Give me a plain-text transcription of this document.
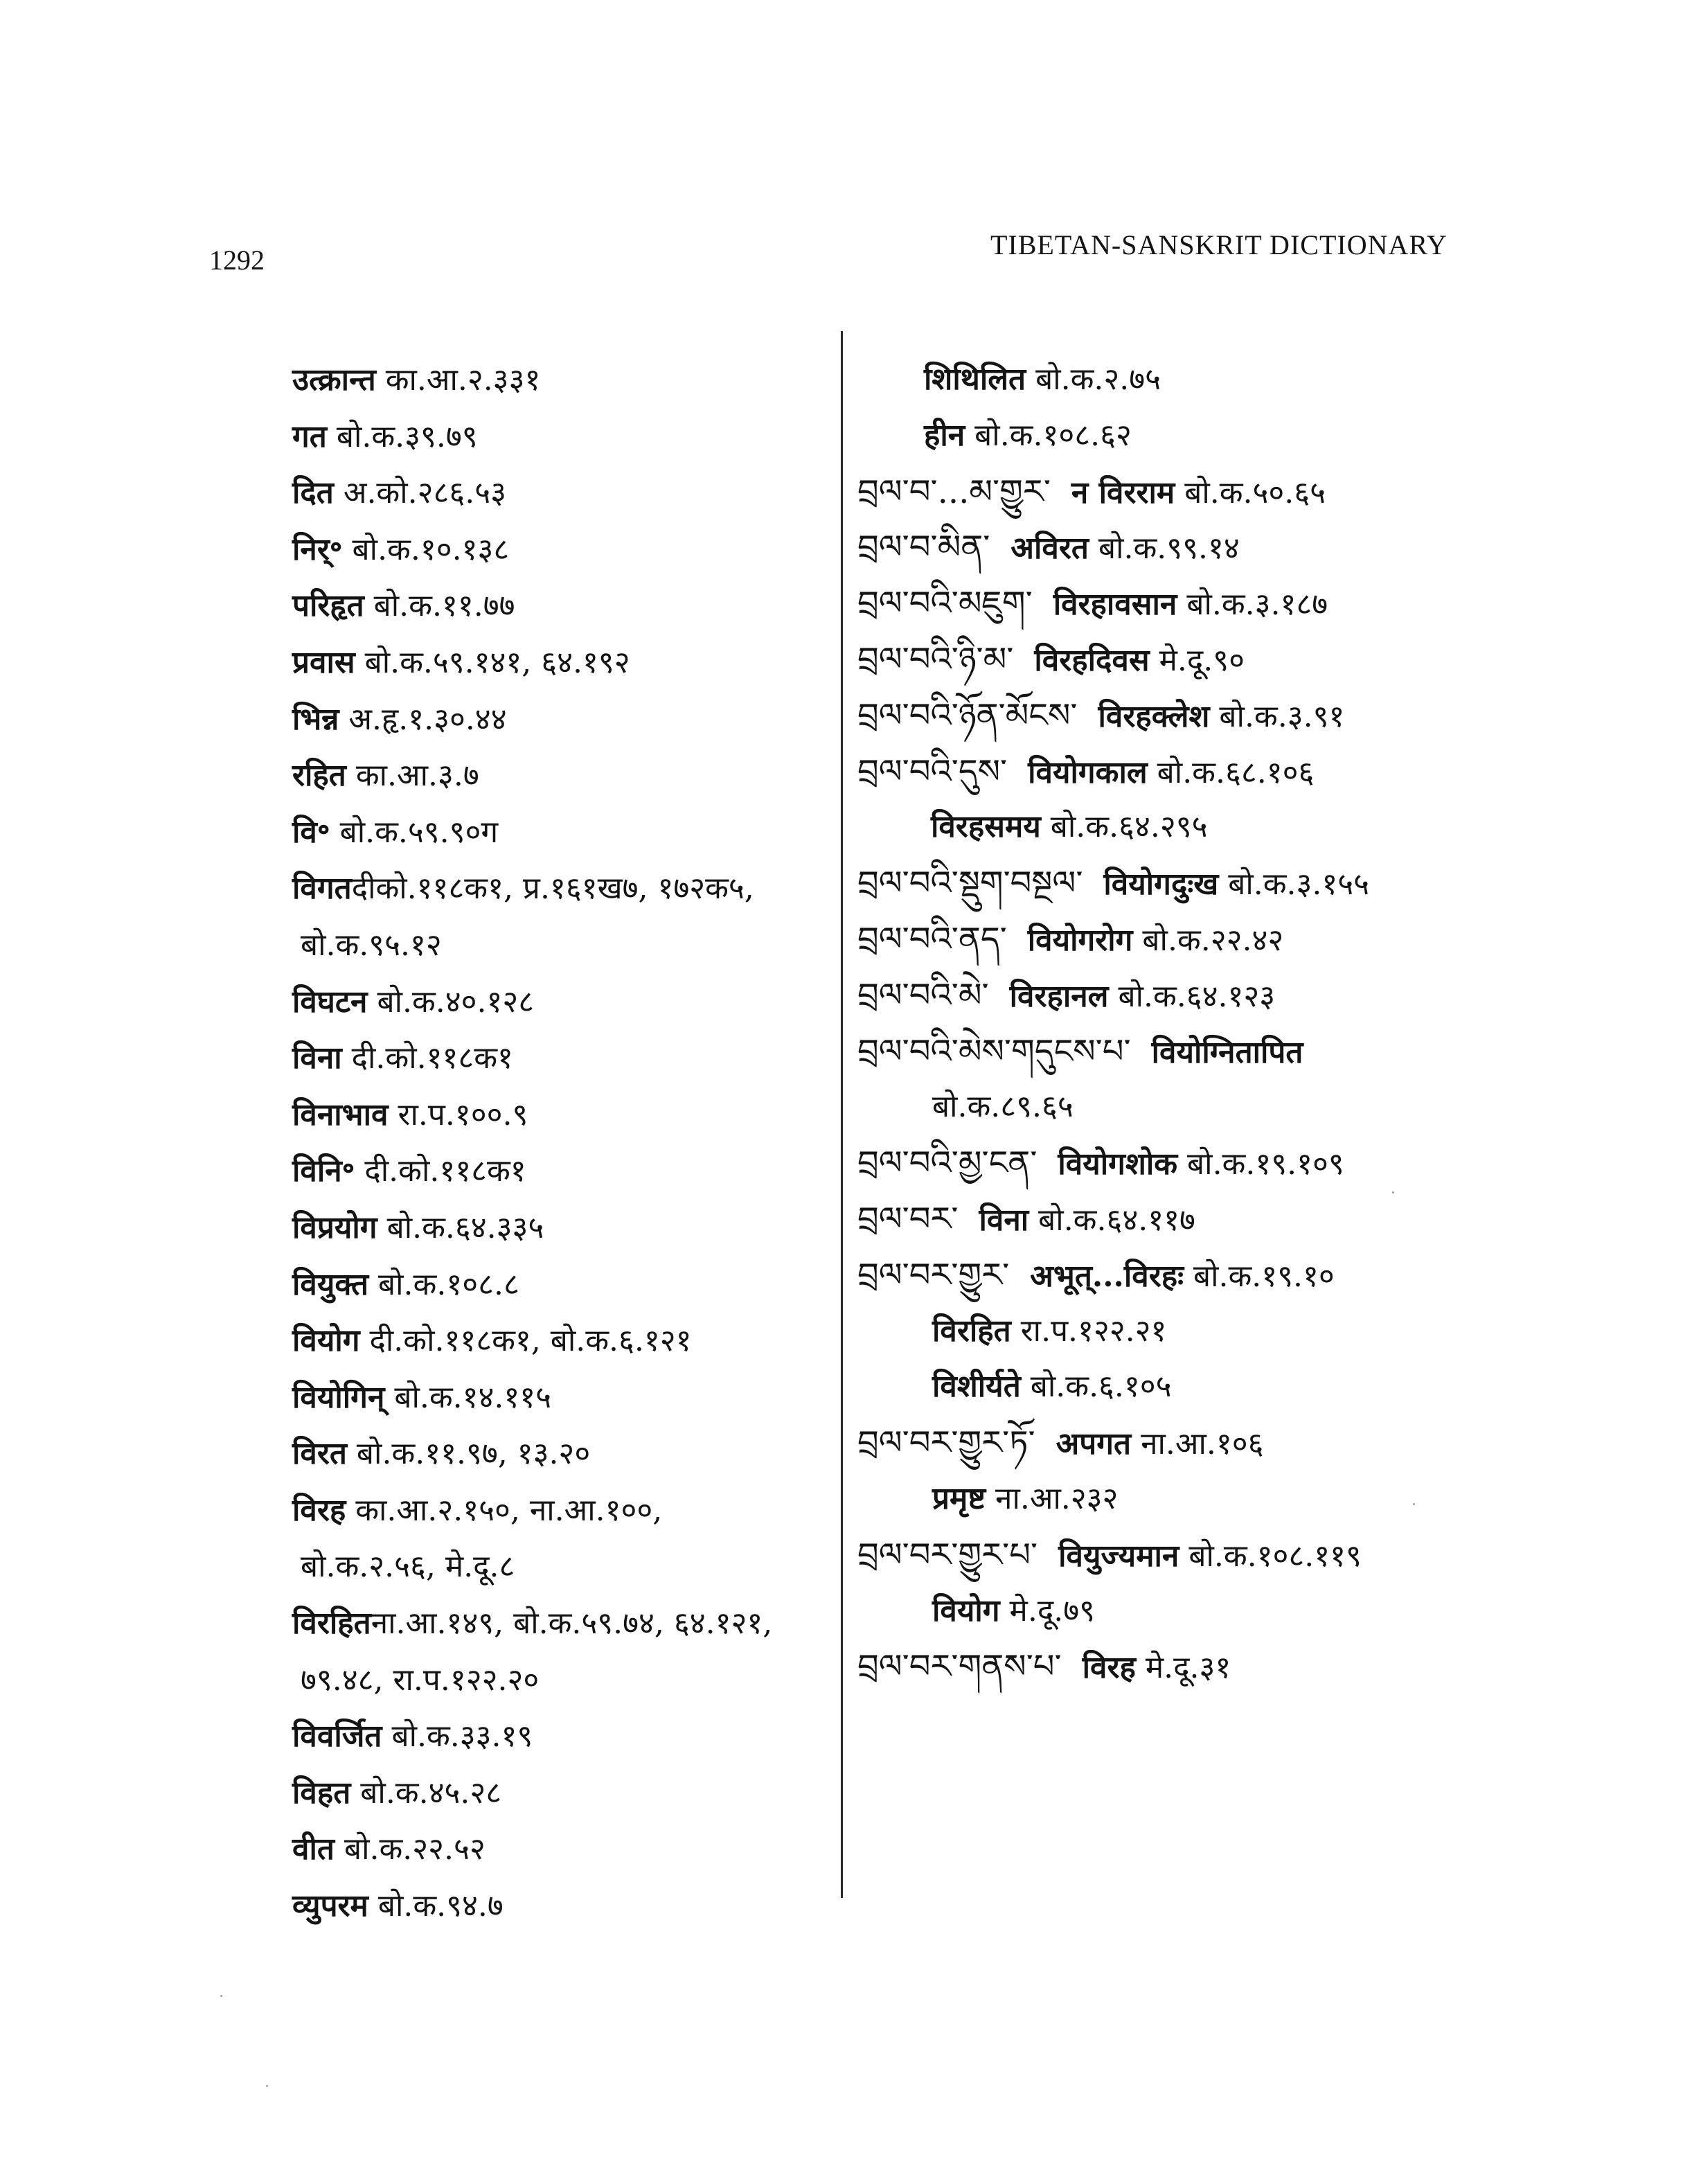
1292	TIBETAN-SANSKRIT DICTIONARY
उत्क्रान्त का.आ.२.३३१
गत बो.क.३९.७९
दित अ.को.२८६.५३
निर्॰ बो.क.१०.१३८
परिहृत बो.क.११.७७
प्रवास बो.क.५९.१४१, ६४.१९२
भिन्न अ.हृ.१.३०.४४
रहित का.आ.३.७
वि॰ बो.क.५९.९०ग
विगतदीको.११८क१, प्र.१६१ख७, १७२क५,
बो.क.९५.१२
विघटन बो.क.४०.१२८
विना दी.को.११८क१
विनाभाव रा.प.१००.९
विनि॰ दी.को.११८क१
विप्रयोग बो.क.६४.३३५
वियुक्त बो.क.१०८.८
वियोग दी.को.११८क१, बो.क.६.१२१
वियोगिन् बो.क.१४.११५
विरत बो.क.११.९७, १३.२०
विरह का.आ.२.१५०, ना.आ.१००,
बो.क.२.५६, मे.दू.८
विरहितना.आ.१४९, बो.क.५९.७४, ६४.१२१,
७९.४८, रा.प.१२२.२०
विवर्जित बो.क.३३.१९
विहत बो.क.४५.२८
वीत बो.क.२२.५२
व्युपरम बो.क.९४.७
शिथिलित बो.क.२.७५
हीन बो.क.१०८.६२
བྲལ་བ་...མ་གྱུར་ न विरराम बो.क.५०.६५
བྲལ་བ་མིན་ अविरत बो.क.९९.१४
བྲལ་བའི་མཇུག་ विरहावसान बो.क.३.१८७
བྲལ་བའི་ཉི་མ་ विरहदिवस मे.दू.९०
བྲལ་བའི་ཉོན་མོངས་ विरहक्लेश बो.क.३.९१
བྲལ་བའི་དུས་ वियोगकाल बो.क.६८.१०६
विरहसमय बो.क.६४.२९५
བྲལ་བའི་སྡུག་བསྔལ་ वियोगदुःख बो.क.३.१५५
བྲལ་བའི་ནད་ वियोगरोग बो.क.२२.४२
བྲལ་བའི་མེ་ विरहानल बो.क.६४.१२३
བྲལ་བའི་མེས་གདུངས་པ་ वियोग्नितापित
बो.क.८९.६५
བྲལ་བའི་མྱ་ངན་ वियोगशोक बो.क.१९.१०९
བྲལ་བར་ विना बो.क.६४.११७
བྲལ་བར་གྱུར་ अभूत्...विरहः बो.क.१९.१०
विरहित रा.प.१२२.२१
विशीर्यते बो.क.६.१०५
བྲལ་བར་གྱུར་ཏོ་ अपगत ना.आ.१०६
प्रमृष्ट ना.आ.२३२
བྲལ་བར་གྱུར་པ་ वियुज्यमान बो.क.१०८.११९
वियोग मे.दू.७९
བྲལ་བར་གནས་པ་ विरह मे.दू.३१
